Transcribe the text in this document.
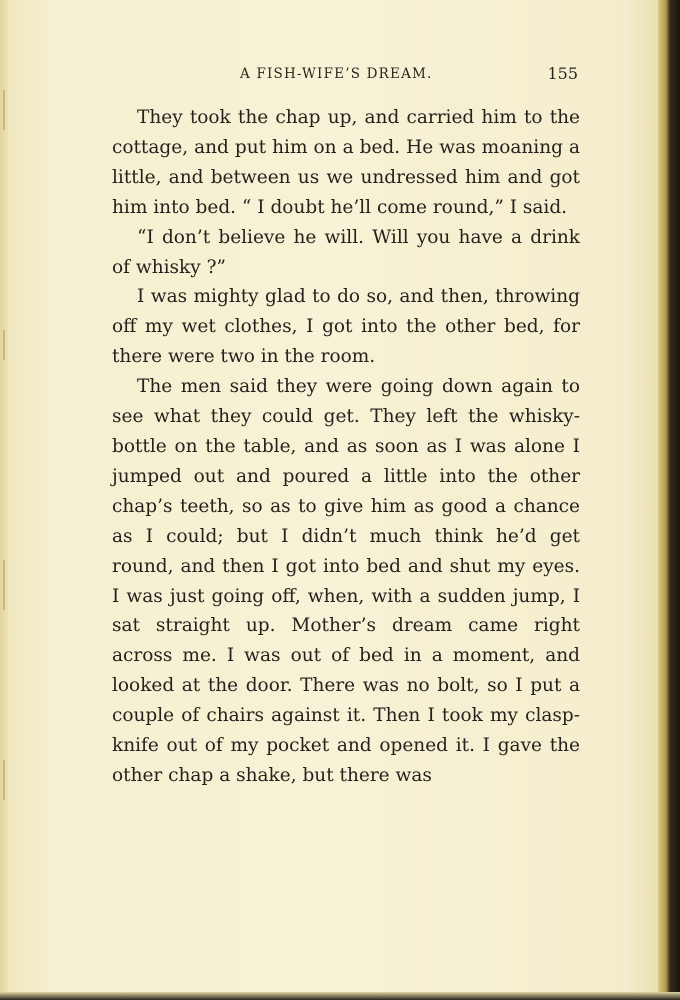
A FISH-WIFE’S DREAM.	155

They took the chap up, and carried him to the cottage, and put him on a bed. He was moaning a little, and between us we undressed him and got him into bed. “ I doubt he’ll come round,” I said.

“I don’t believe he will. Will you have a drink of whisky ?”

I was mighty glad to do so, and then, throwing off my wet clothes, I got into the other bed, for there were two in the room.

The men said they were going down again to see what they could get. They left the whisky-bottle on the table, and as soon as I was alone I jumped out and poured a little into the other chap’s teeth, so as to give him as good a chance as I could; but I didn’t much think he’d get round, and then I got into bed and shut my eyes. I was just going off, when, with a sudden jump, I sat straight up. Mother’s dream came right across me. I was out of bed in a moment, and looked at the door. There was no bolt, so I put a couple of chairs against it. Then I took my clasp-knife out of my pocket and opened it. I gave the other chap a shake, but there was
